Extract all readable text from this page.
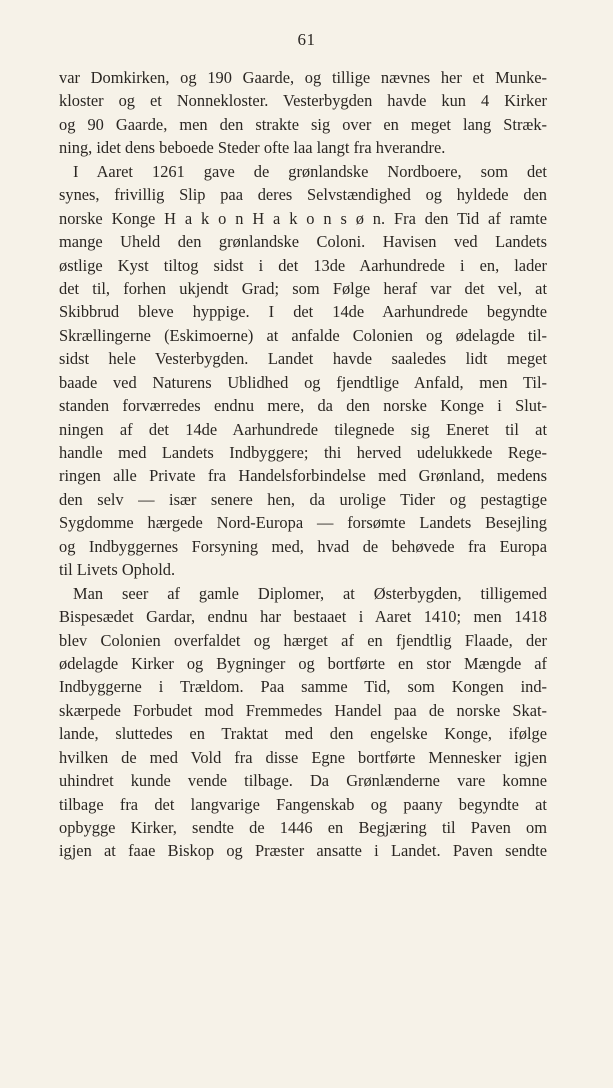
61
var Domkirken, og 190 Gaarde, og tillige nævnes her et Munke-
kloster og et Nonnekloster. Vesterbygden havde kun 4 Kirker
og 90 Gaarde, men den strakte sig over en meget lang Stræk-
ning, idet dens beboede Steder ofte laa langt fra hverandre.
I Aaret 1261 gave de grønlandske Nordboere, som det
synes, frivillig Slip paa deres Selvstændighed og hyldede den
norske Konge H a k o n H a k o n s ø n. Fra den Tid af ramte
mange Uheld den grønlandske Coloni. Havisen ved Landets
østlige Kyst tiltog sidst i det 13de Aarhundrede i en, lader
det til, forhen ukjendt Grad; som Følge heraf var det vel, at
Skibbrud bleve hyppige. I det 14de Aarhundrede begyndte
Skrællingerne (Eskimoerne) at anfalde Colonien og ødelagde til-
sidst hele Vesterbygden. Landet havde saaledes lidt meget
baade ved Naturens Ublidhed og fjendtlige Anfald, men Til-
standen forværredes endnu mere, da den norske Konge i Slut-
ningen af det 14de Aarhundrede tilegnede sig Eneret til at
handle med Landets Indbyggere; thi herved udelukkede Rege-
ringen alle Private fra Handelsforbindelse med Grønland, medens
den selv — især senere hen, da urolige Tider og pestagtige
Sygdomme hærgede Nord-Europa — forsømte Landets Besejling
og Indbyggernes Forsyning med, hvad de behøvede fra Europa
til Livets Ophold.
Man seer af gamle Diplomer, at Østerbygden, tilligemed
Bispesædet Gardar, endnu har bestaaet i Aaret 1410; men 1418
blev Colonien overfaldet og hærget af en fjendtlig Flaade, der
ødelagde Kirker og Bygninger og bortførte en stor Mængde af
Indbyggerne i Trældom. Paa samme Tid, som Kongen ind-
skærpede Forbudet mod Fremmedes Handel paa de norske Skat-
lande, sluttedes en Traktat med den engelske Konge, ifølge
hvilken de med Vold fra disse Egne bortførte Mennesker igjen
uhindret kunde vende tilbage. Da Grønlænderne vare komne
tilbage fra det langvarige Fangenskab og paany begyndte at
opbygge Kirker, sendte de 1446 en Begjæring til Paven om
igjen at faae Biskop og Præster ansatte i Landet. Paven sendte
